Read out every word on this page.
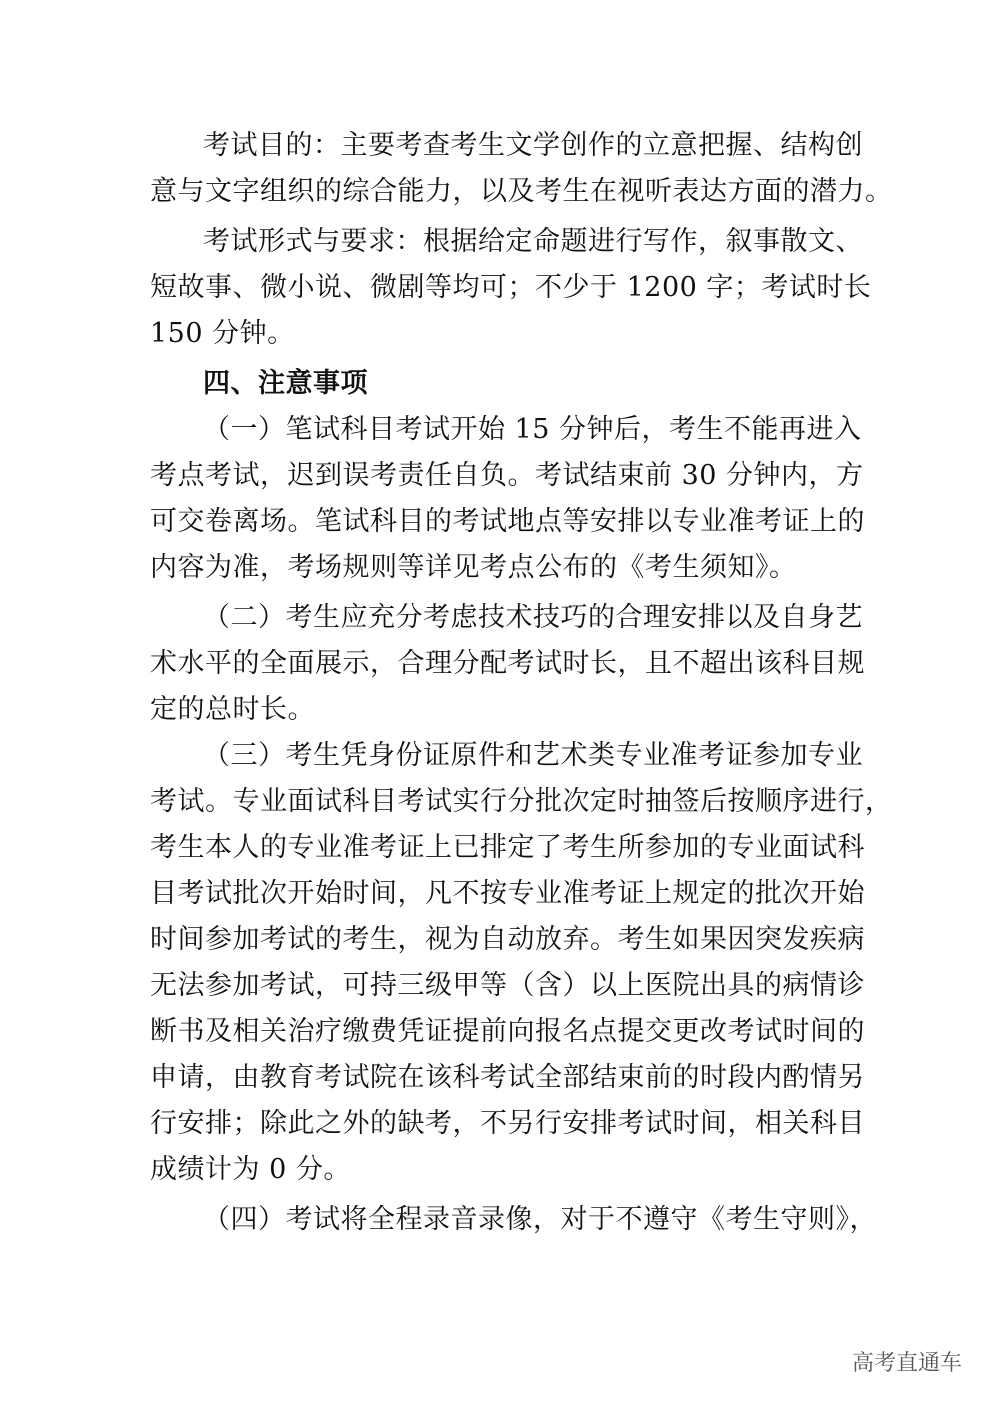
考试目的：主要考查考生文学创作的立意把握、结构创
意与文字组织的综合能力，以及考生在视听表达方面的潜力。
考试形式与要求：根据给定命题进行写作，叙事散文、
短故事、微小说、微剧等均可；不少于 1200 字；考试时长
150 分钟。
四、注意事项
（一）笔试科目考试开始 15 分钟后，考生不能再进入
考点考试，迟到误考责任自负。考试结束前 30 分钟内，方
可交卷离场。笔试科目的考试地点等安排以专业准考证上的
内容为准，考场规则等详见考点公布的《考生须知》。
（二）考生应充分考虑技术技巧的合理安排以及自身艺
术水平的全面展示，合理分配考试时长，且不超出该科目规
定的总时长。
（三）考生凭身份证原件和艺术类专业准考证参加专业
考试。专业面试科目考试实行分批次定时抽签后按顺序进行，
考生本人的专业准考证上已排定了考生所参加的专业面试科
目考试批次开始时间，凡不按专业准考证上规定的批次开始
时间参加考试的考生，视为自动放弃。考生如果因突发疾病
无法参加考试，可持三级甲等（含）以上医院出具的病情诊
断书及相关治疗缴费凭证提前向报名点提交更改考试时间的
申请，由教育考试院在该科考试全部结束前的时段内酌情另
行安排；除此之外的缺考，不另行安排考试时间，相关科目
成绩计为 0 分。
（四）考试将全程录音录像，对于不遵守《考生守则》，
高考直通车
